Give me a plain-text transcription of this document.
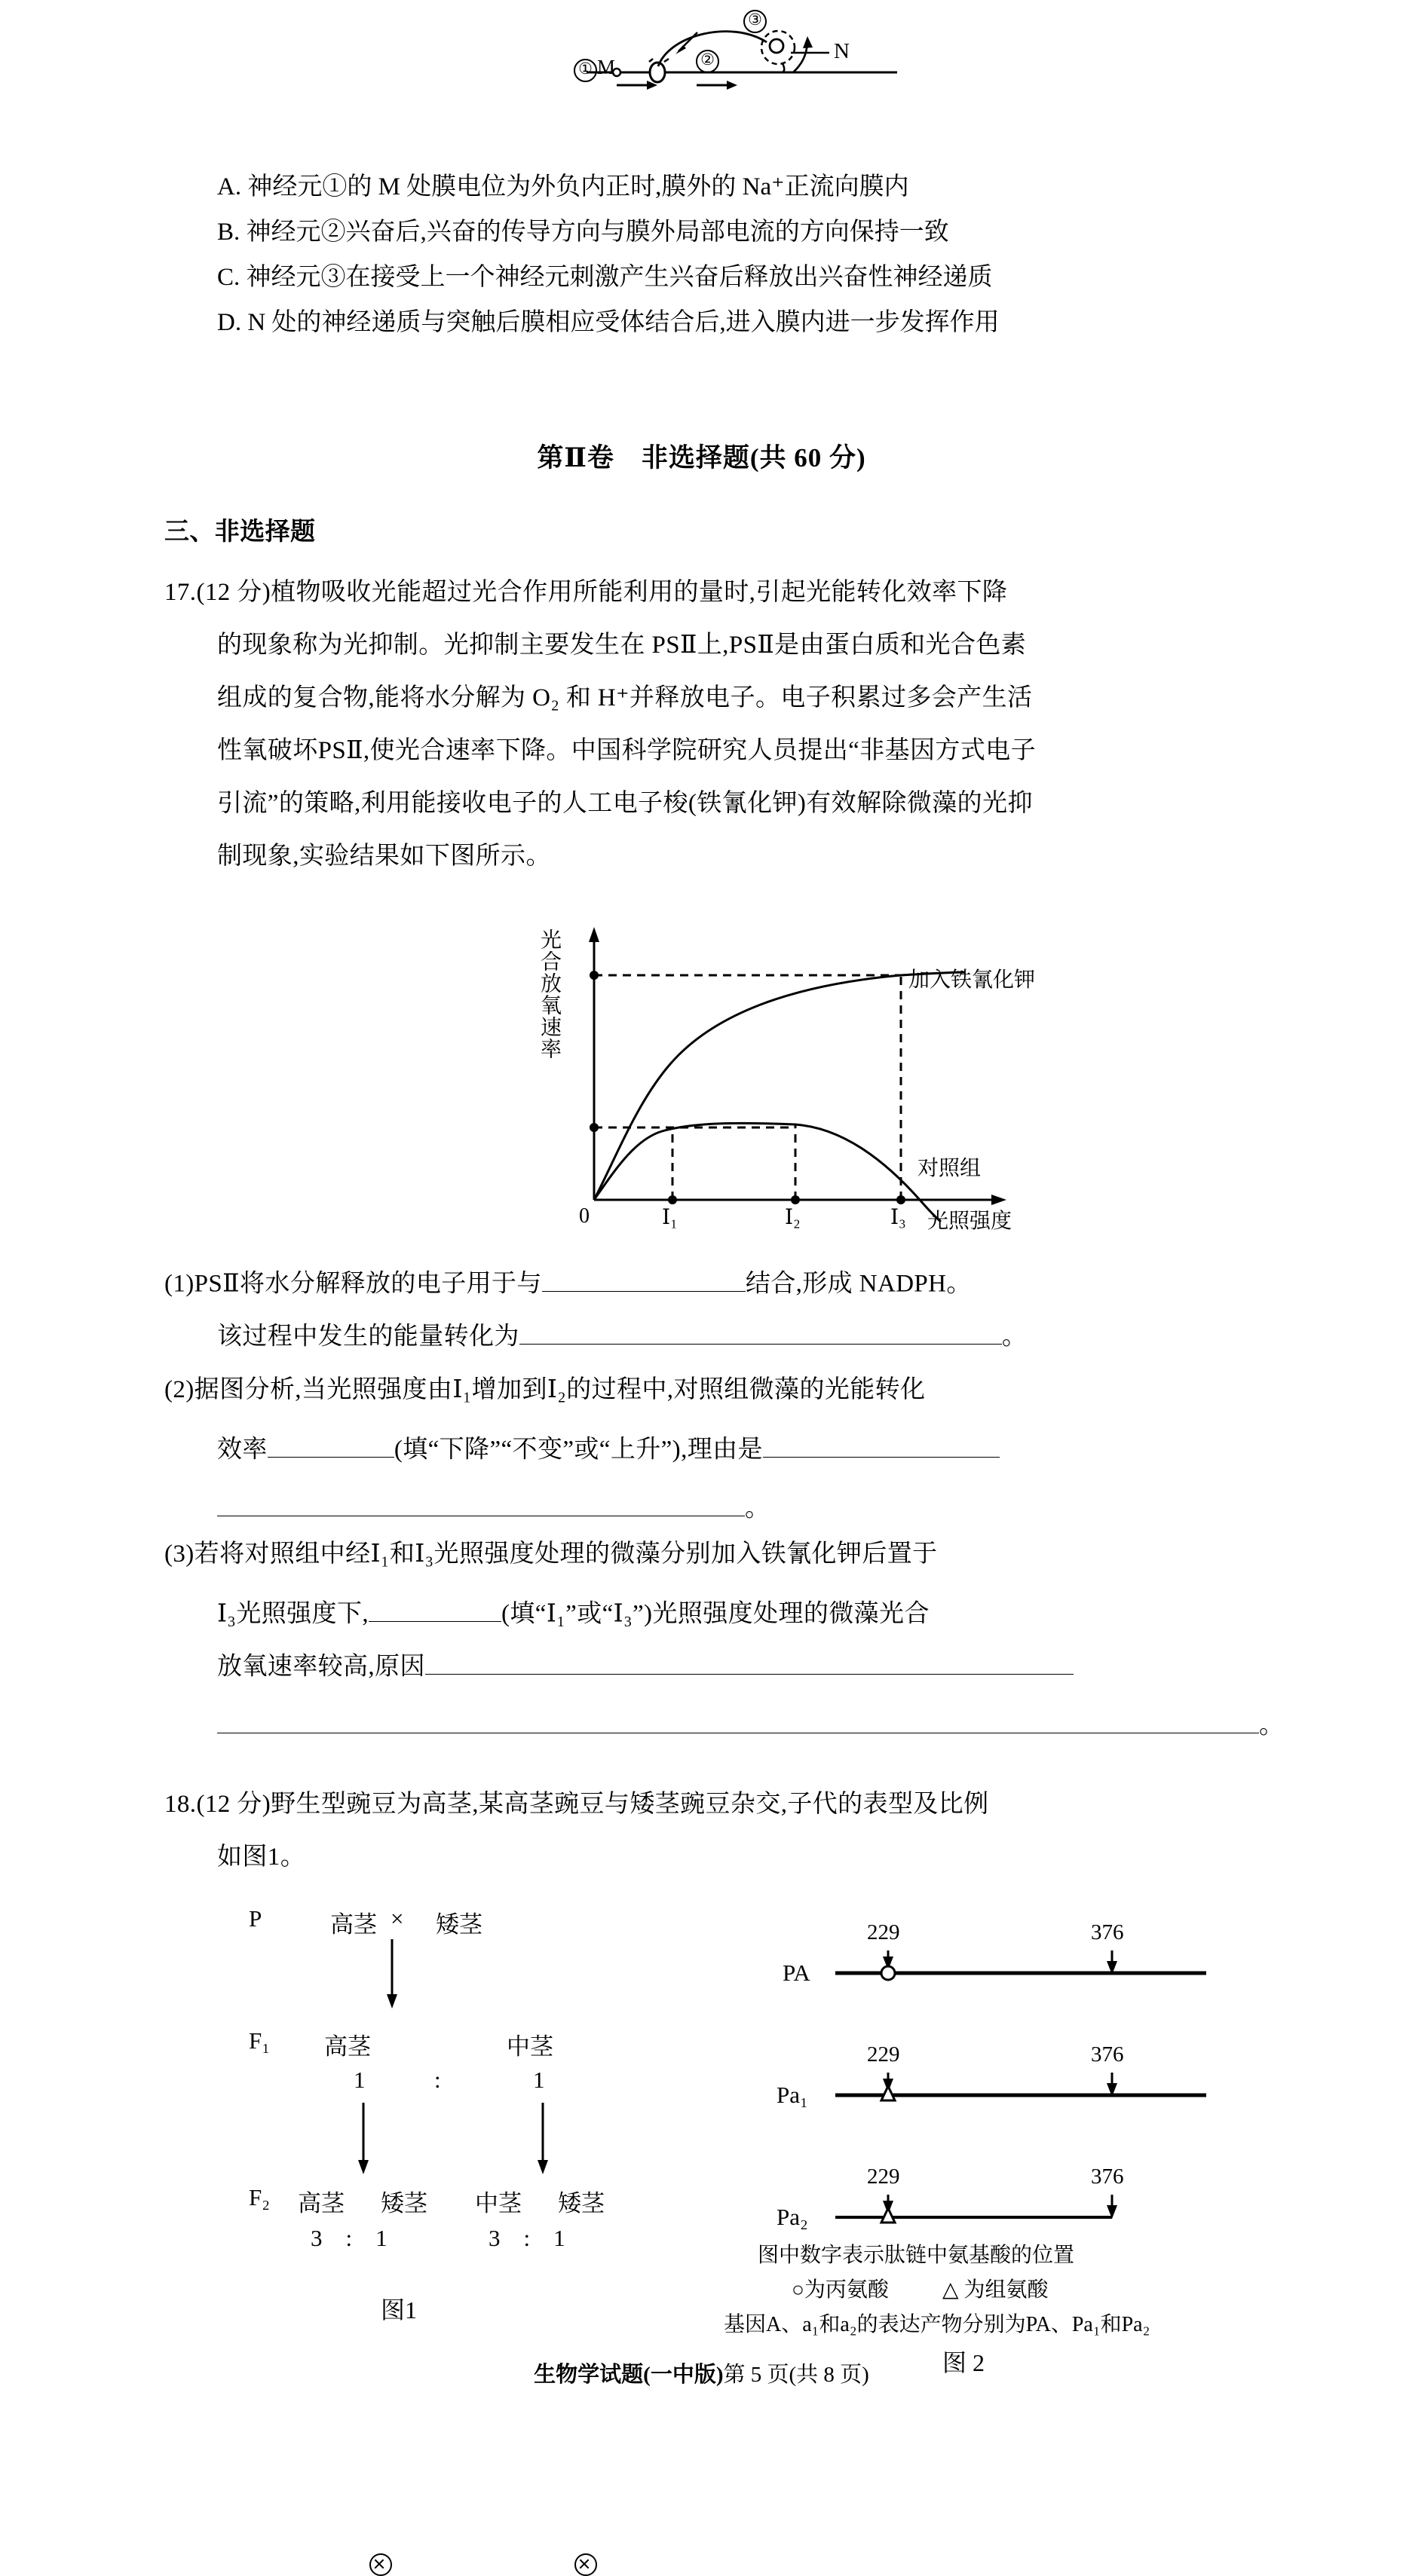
① M	②
③
N
A. 神经元①的 M 处膜电位为外负内正时,膜外的 Na⁺正流向膜内
B. 神经元②兴奋后,兴奋的传导方向与膜外局部电流的方向保持一致
C. 神经元③在接受上一个神经元刺激产生兴奋后释放出兴奋性神经递质
D. N 处的神经递质与突触后膜相应受体结合后,进入膜内进一步发挥作用
第Ⅱ卷　非选择题(共 60 分)
三、非选择题
17.(12 分)植物吸收光能超过光合作用所能利用的量时,引起光能转化效率下降
的现象称为光抑制。光抑制主要发生在 PSⅡ上,PSⅡ是由蛋白质和光合色素
组成的复合物,能将水分解为 O₂ 和 H⁺并释放电子。电子积累过多会产生活
性氧破坏PSⅡ,使光合速率下降。中国科学院研究人员提出“非基因方式电子
引流”的策略,利用能接收电子的人工电子梭(铁氰化钾)有效解除微藻的光抑
制现象,实验结果如下图所示。
光合放氧速率	加入铁氰化钾
对照组
0	Ⅰ₁	Ⅰ₂	Ⅰ₃ 光照强度
(1)PSⅡ将水分解释放的电子用于与	结合,形成 NADPH。
该过程中发生的能量转化为	。
(2)据图分析,当光照强度由Ⅰ₁增加到Ⅰ₂的过程中,对照组微藻的光能转化
效率	(填“下降”“不变”或“上升”),理由是
。
(3)若将对照组中经Ⅰ₁和Ⅰ₃光照强度处理的微藻分别加入铁氰化钾后置于
Ⅰ₃光照强度下,	(填“Ⅰ₁”或“Ⅰ₃”)光照强度处理的微藻光合
放氧速率较高,原因
。
18.(12 分)野生型豌豆为高茎,某高茎豌豆与矮茎豌豆杂交,子代的表型及比例
如图1。

P	高茎 × 矮茎
F₁ 高茎	中茎
1	:	1

F₂ 高茎 矮茎 中茎 矮茎
3　:　1	3　:　1
图1
PA
Pa₁
Pa₂
229	376
229	376
229	376
图中数字表示肽链中氨基酸的位置
○为丙氨酸	△ 为组氨酸
基因A、a₁和a₂的表达产物分别为PA、Pa₁和Pa₂
图 2
生物学试题(一中版)第 5 页(共 8 页)
